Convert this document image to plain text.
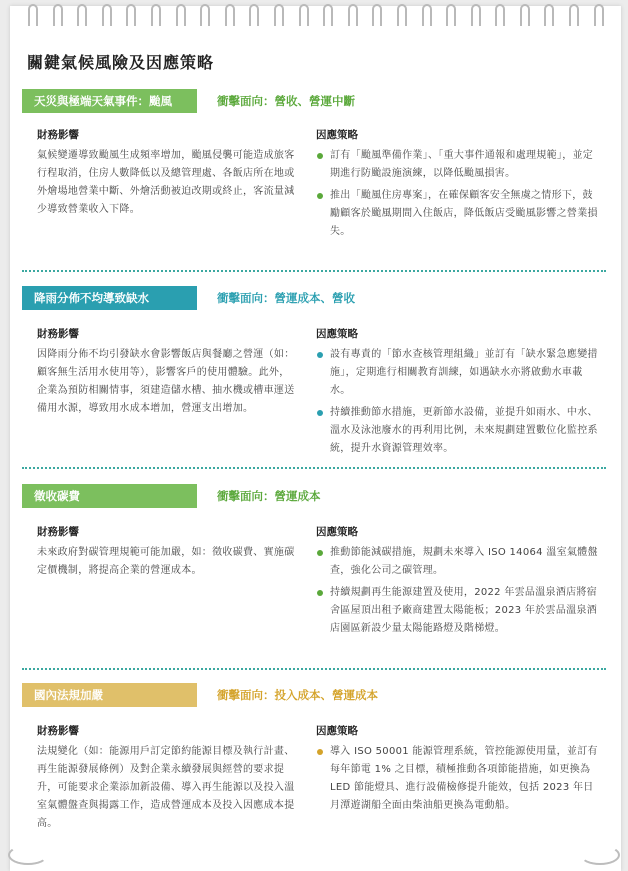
關鍵氣候風險及因應策略
天災與極端天氣事件：颱風	衝擊面向：營收、營運中斷
財務影響
氣候變遷導致颱風生成頻率增加，颱風侵襲可能造成旅客行程取消，住房人數降低以及總管理處、各飯店所在地或外燴場地營業中斷、外燴活動被迫改期或終止，客流量減少導致營業收入下降。
因應策略
訂有「颱風準備作業」、「重大事件通報和處理規範」，並定期進行防颱設施演練，以降低颱風損害。
推出「颱風住房專案」，在確保顧客安全無虞之情形下，鼓勵顧客於颱風期間入住飯店，降低飯店受颱風影響之營業損失。
降雨分佈不均導致缺水	衝擊面向：營運成本、營收
財務影響
因降雨分佈不均引發缺水會影響飯店與餐廳之營運（如：顧客無生活用水使用等），影響客戶的使用體驗。此外，企業為預防相關情事，須建造儲水槽、抽水機或槽車運送備用水源，導致用水成本增加，營運支出增加。
因應策略
設有專責的「節水查核管理組織」並訂有「缺水緊急應變措施」，定期進行相關教育訓練，如遇缺水亦將啟動水車載水。
持續推動節水措施，更新節水設備，並提升如雨水、中水、溫水及泳池廢水的再利用比例，未來規劃建置數位化監控系統，提升水資源管理效率。
徵收碳費	衝擊面向：營運成本
財務影響
未來政府對碳管理規範可能加嚴，如：徵收碳費、實施碳定價機制，將提高企業的營運成本。
因應策略
推動節能減碳措施，規劃未來導入 ISO 14064 溫室氣體盤查，強化公司之碳管理。
持續規劃再生能源建置及使用，2022 年雲品溫泉酒店將宿舍區屋頂出租予廠商建置太陽能板；2023 年於雲品溫泉酒店園區新設少量太陽能路燈及階梯燈。
國內法規加嚴	衝擊面向：投入成本、營運成本
財務影響
法規變化（如：能源用戶訂定節約能源目標及執行計畫、再生能源發展條例）及對企業永續發展與經營的要求提升，可能要求企業添加新設備、導入再生能源以及投入溫室氣體盤查與揭露工作，造成營運成本及投入因應成本提高。
因應策略
導入 ISO 50001 能源管理系統，管控能源使用量，並訂有每年節電 1% 之目標，積極推動各項節能措施，如更換為 LED 節能燈具、進行設備檢修提升能效，包括 2023 年日月潭遊湖船全面由柴油船更換為電動船。
